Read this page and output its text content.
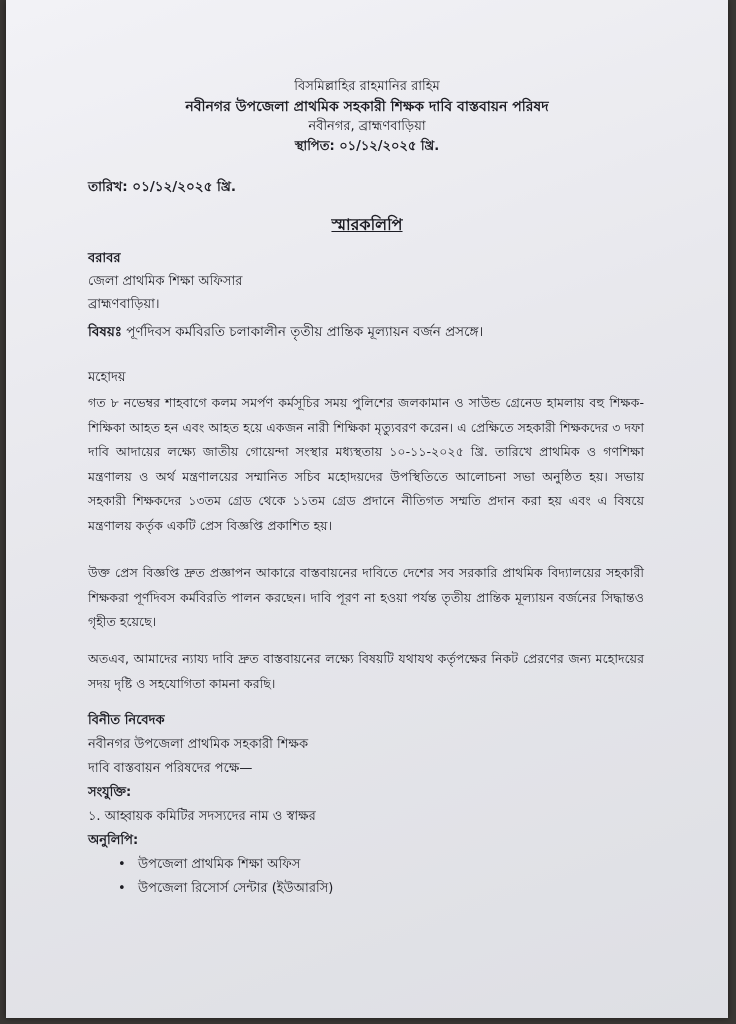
বিসমিল্লাহির রাহমানির রাহিম
নবীনগর উপজেলা প্রাথমিক সহকারী শিক্ষক দাবি বাস্তবায়ন পরিষদ
নবীনগর, ব্রাহ্মণবাড়িয়া
স্থাপিত: ০১/১২/২০২৫ খ্রি.
তারিখ: ০১/১২/২০২৫ খ্রি.
স্মারকলিপি
বরাবর
জেলা প্রাথমিক শিক্ষা অফিসার
ব্রাহ্মণবাড়িয়া।
বিষয়ঃ পূর্ণদিবস কর্মবিরতি চলাকালীন তৃতীয় প্রান্তিক মূল্যায়ন বর্জন প্রসঙ্গে।
মহোদয়
গত ৮ নভেম্বর শাহবাগে কলম সমর্পণ কর্মসূচির সময় পুলিশের জলকামান ও সাউন্ড গ্রেনেড হামলায় বহু শিক্ষক-শিক্ষিকা আহত হন এবং আহত হয়ে একজন নারী শিক্ষিকা মৃত্যুবরণ করেন। এ প্রেক্ষিতে সহকারী শিক্ষকদের ৩ দফা দাবি আদায়ের লক্ষ্যে জাতীয় গোয়েন্দা সংস্থার মধ্যস্থতায় ১০-১১-২০২৫ খ্রি. তারিখে প্রাথমিক ও গণশিক্ষা মন্ত্রণালয় ও অর্থ মন্ত্রণালয়ের সম্মানিত সচিব মহোদয়দের উপস্থিতিতে আলোচনা সভা অনুষ্ঠিত হয়। সভায় সহকারী শিক্ষকদের ১৩তম গ্রেড থেকে ১১তম গ্রেড প্রদানে নীতিগত সম্মতি প্রদান করা হয় এবং এ বিষয়ে মন্ত্রণালয় কর্তৃক একটি প্রেস বিজ্ঞপ্তি প্রকাশিত হয়।
উক্ত প্রেস বিজ্ঞপ্তি দ্রুত প্রজ্ঞাপন আকারে বাস্তবায়নের দাবিতে দেশের সব সরকারি প্রাথমিক বিদ্যালয়ের সহকারী শিক্ষকরা পূর্ণদিবস কর্মবিরতি পালন করছেন। দাবি পূরণ না হওয়া পর্যন্ত তৃতীয় প্রান্তিক মূল্যায়ন বর্জনের সিদ্ধান্তও গৃহীত হয়েছে।
অতএব, আমাদের ন্যায্য দাবি দ্রুত বাস্তবায়নের লক্ষ্যে বিষয়টি যথাযথ কর্তৃপক্ষের নিকট প্রেরণের জন্য মহোদয়ের সদয় দৃষ্টি ও সহযোগিতা কামনা করছি।
বিনীত নিবেদক
নবীনগর উপজেলা প্রাথমিক সহকারী শিক্ষক
দাবি বাস্তবায়ন পরিষদের পক্ষে—
সংযুক্তি:
১. আহ্বায়ক কমিটির সদস্যদের নাম ও স্বাক্ষর
অনুলিপি:
• উপজেলা প্রাথমিক শিক্ষা অফিস
• উপজেলা রিসোর্স সেন্টার (ইউআরসি)
